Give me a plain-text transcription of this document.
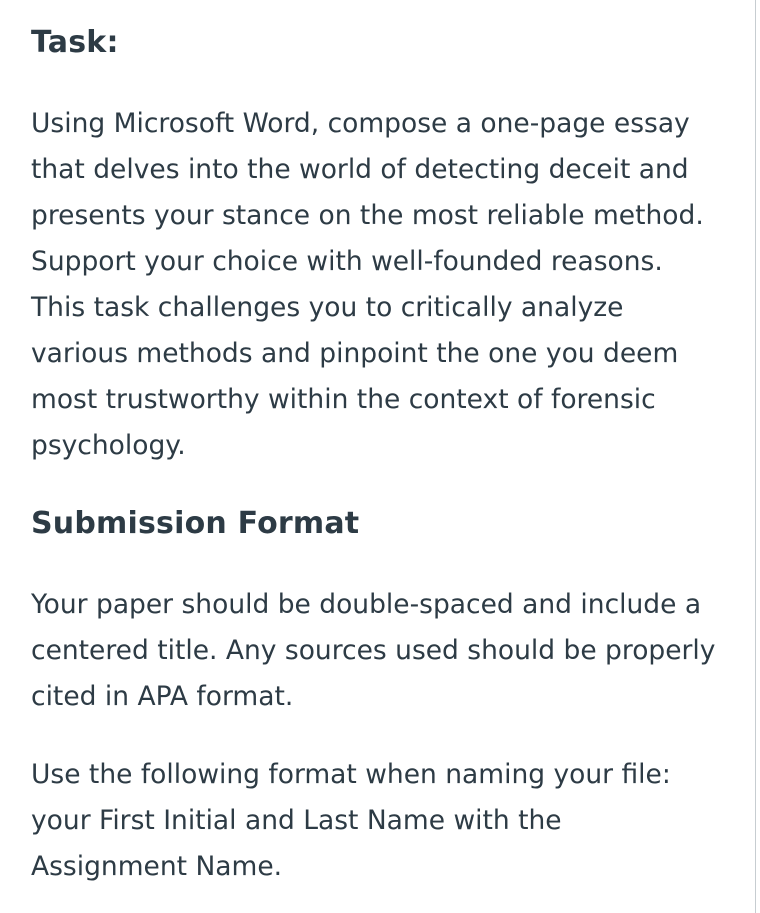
Task:

Using Microsoft Word, compose a one-page essay that delves into the world of detecting deceit and presents your stance on the most reliable method. Support your choice with well-founded reasons. This task challenges you to critically analyze various methods and pinpoint the one you deem most trustworthy within the context of forensic psychology.

Submission Format

Your paper should be double-spaced and include a centered title. Any sources used should be properly cited in APA format.

Use the following format when naming your file: your First Initial and Last Name with the Assignment Name.
